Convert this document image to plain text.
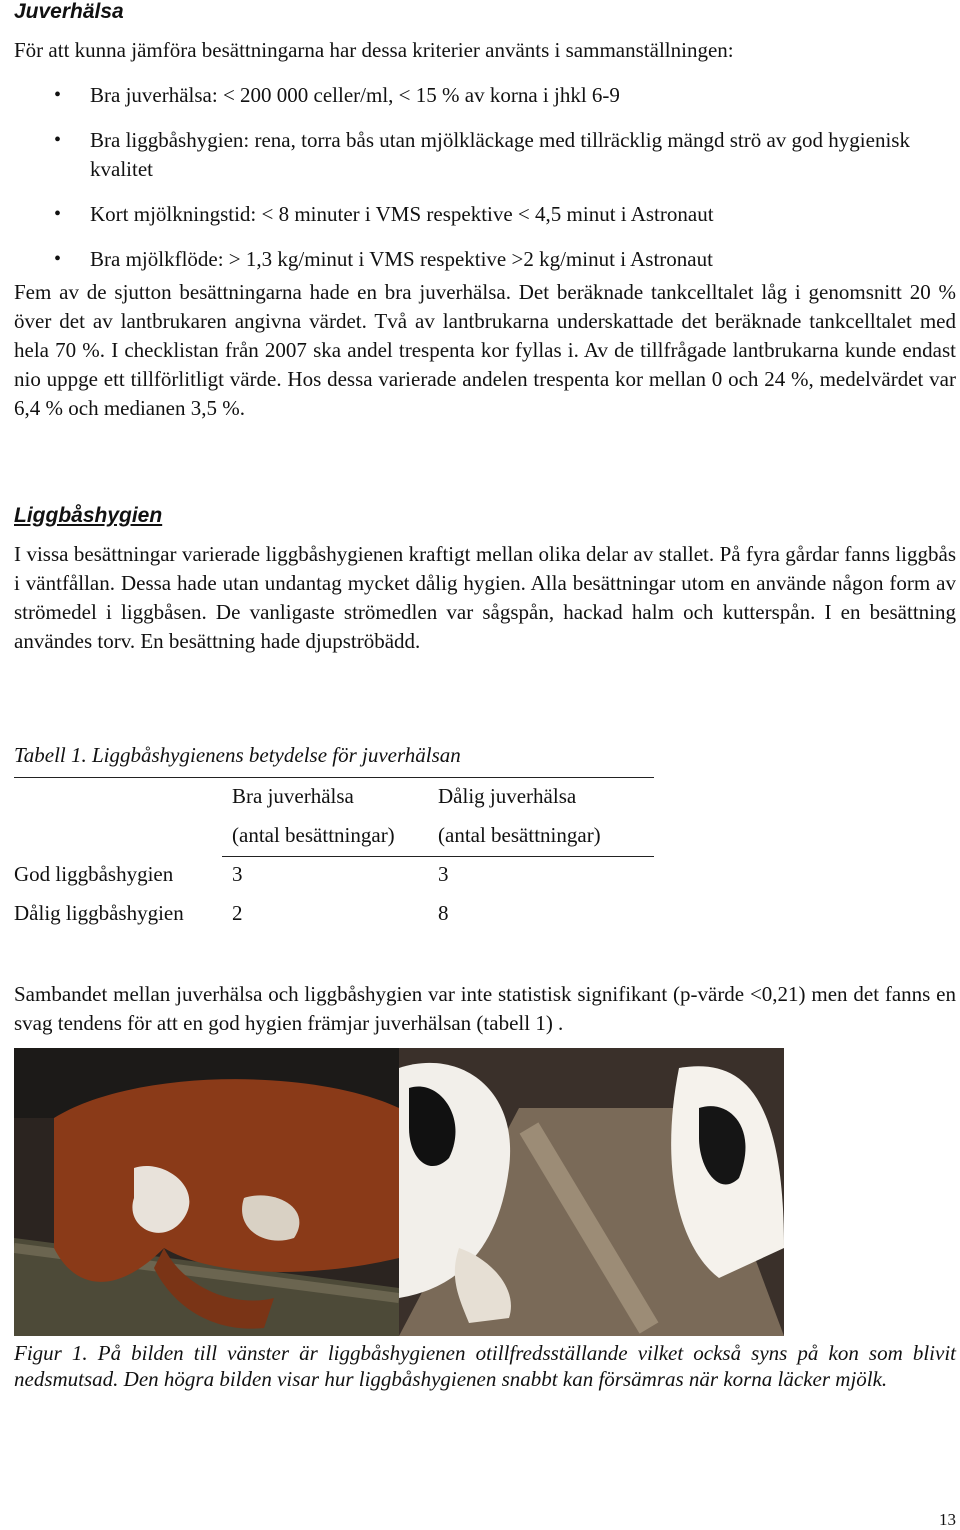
Juverhälsa

För att kunna jämföra besättningarna har dessa kriterier använts i sammanställningen:

• Bra juverhälsa: < 200 000 celler/ml, < 15 % av korna i jhkl 6-9
• Bra liggbåshygien: rena, torra bås utan mjölkläckage med tillräcklig mängd strö av god hygienisk kvalitet
• Kort mjölkningstid: < 8 minuter i VMS respektive < 4,5 minut i Astronaut
• Bra mjölkflöde: > 1,3 kg/minut i VMS respektive >2 kg/minut i Astronaut

Fem av de sjutton besättningarna hade en bra juverhälsa. Det beräknade tankcelltalet låg i genomsnitt 20 % över det av lantbrukaren angivna värdet. Två av lantbrukarna underskattade det beräknade tankcelltalet med hela 70 %. I checklistan från 2007 ska andel trespenta kor fyllas i. Av de tillfrågade lantbrukarna kunde endast nio uppge ett tillförlitligt värde. Hos dessa varierade andelen trespenta kor mellan 0 och 24 %, medelvärdet var 6,4 % och medianen 3,5 %.

Liggbåshygien

I vissa besättningar varierade liggbåshygienen kraftigt mellan olika delar av stallet. På fyra gårdar fanns liggbås i väntfållan. Dessa hade utan undantag mycket dålig hygien. Alla besättningar utom en använde någon form av strömedel i liggbåsen. De vanligaste strömedlen var sågspån, hackad halm och kutterspån. I en besättning användes torv. En besättning hade djupströbädd.

Tabell 1. Liggbåshygienens betydelse för juverhälsan
	Bra juverhälsa	Dålig juverhälsa
	(antal besättningar)	(antal besättningar)
God liggbåshygien	3	3
Dålig liggbåshygien	2	8

Sambandet mellan juverhälsa och liggbåshygien var inte statistisk signifikant (p-värde <0,21) men det fanns en svag tendens för att en god hygien främjar juverhälsan (tabell 1) .

Figur 1. På bilden till vänster är liggbåshygienen otillfredsställande vilket också syns på kon som blivit nedsmutsad. Den högra bilden visar hur liggbåshygienen snabbt kan försämras när korna läcker mjölk.
13
